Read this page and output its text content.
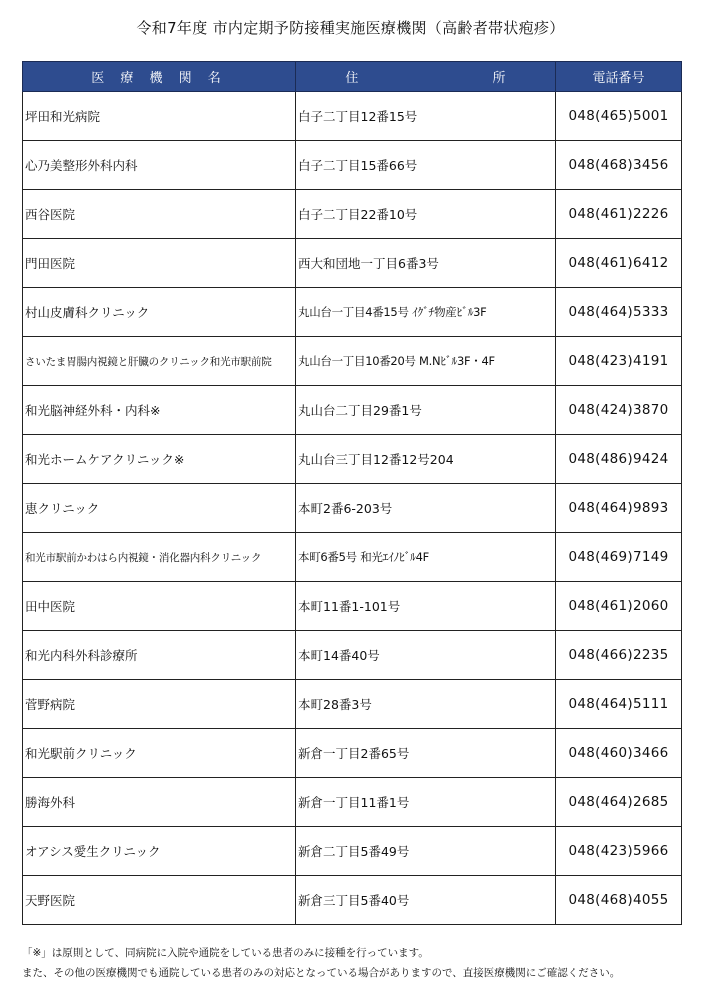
令和7年度 市内定期予防接種実施医療機関（高齢者帯状疱疹）
医 療 機 関 名	住 所	電話番号
坪田和光病院	白子二丁目12番15号	048(465)5001
心乃美整形外科内科	白子二丁目15番66号	048(468)3456
西谷医院	白子二丁目22番10号	048(461)2226
門田医院	西大和団地一丁目6番3号	048(461)6412
村山皮膚科クリニック	丸山台一丁目4番15号 ｲｸﾞﾁ物産ﾋﾞﾙ3F	048(464)5333
さいたま胃腸内視鏡と肝臓のクリニック和光市駅前院	丸山台一丁目10番20号 M.Nﾋﾞﾙ3F・4F	048(423)4191
和光脳神経外科・内科※	丸山台二丁目29番1号	048(424)3870
和光ホームケアクリニック※	丸山台三丁目12番12号204	048(486)9424
恵クリニック	本町2番6-203号	048(464)9893
和光市駅前かわはら内視鏡・消化器内科クリニック	本町6番5号 和光ｴｲﾉﾋﾞﾙ4F	048(469)7149
田中医院	本町11番1-101号	048(461)2060
和光内科外科診療所	本町14番40号	048(466)2235
菅野病院	本町28番3号	048(464)5111
和光駅前クリニック	新倉一丁目2番65号	048(460)3466
勝海外科	新倉一丁目11番1号	048(464)2685
オアシス愛生クリニック	新倉二丁目5番49号	048(423)5966
天野医院	新倉三丁目5番40号	048(468)4055
「※」は原則として、同病院に入院や通院をしている患者のみに接種を行っています。
また、その他の医療機関でも通院している患者のみの対応となっている場合がありますので、直接医療機関にご確認ください。
